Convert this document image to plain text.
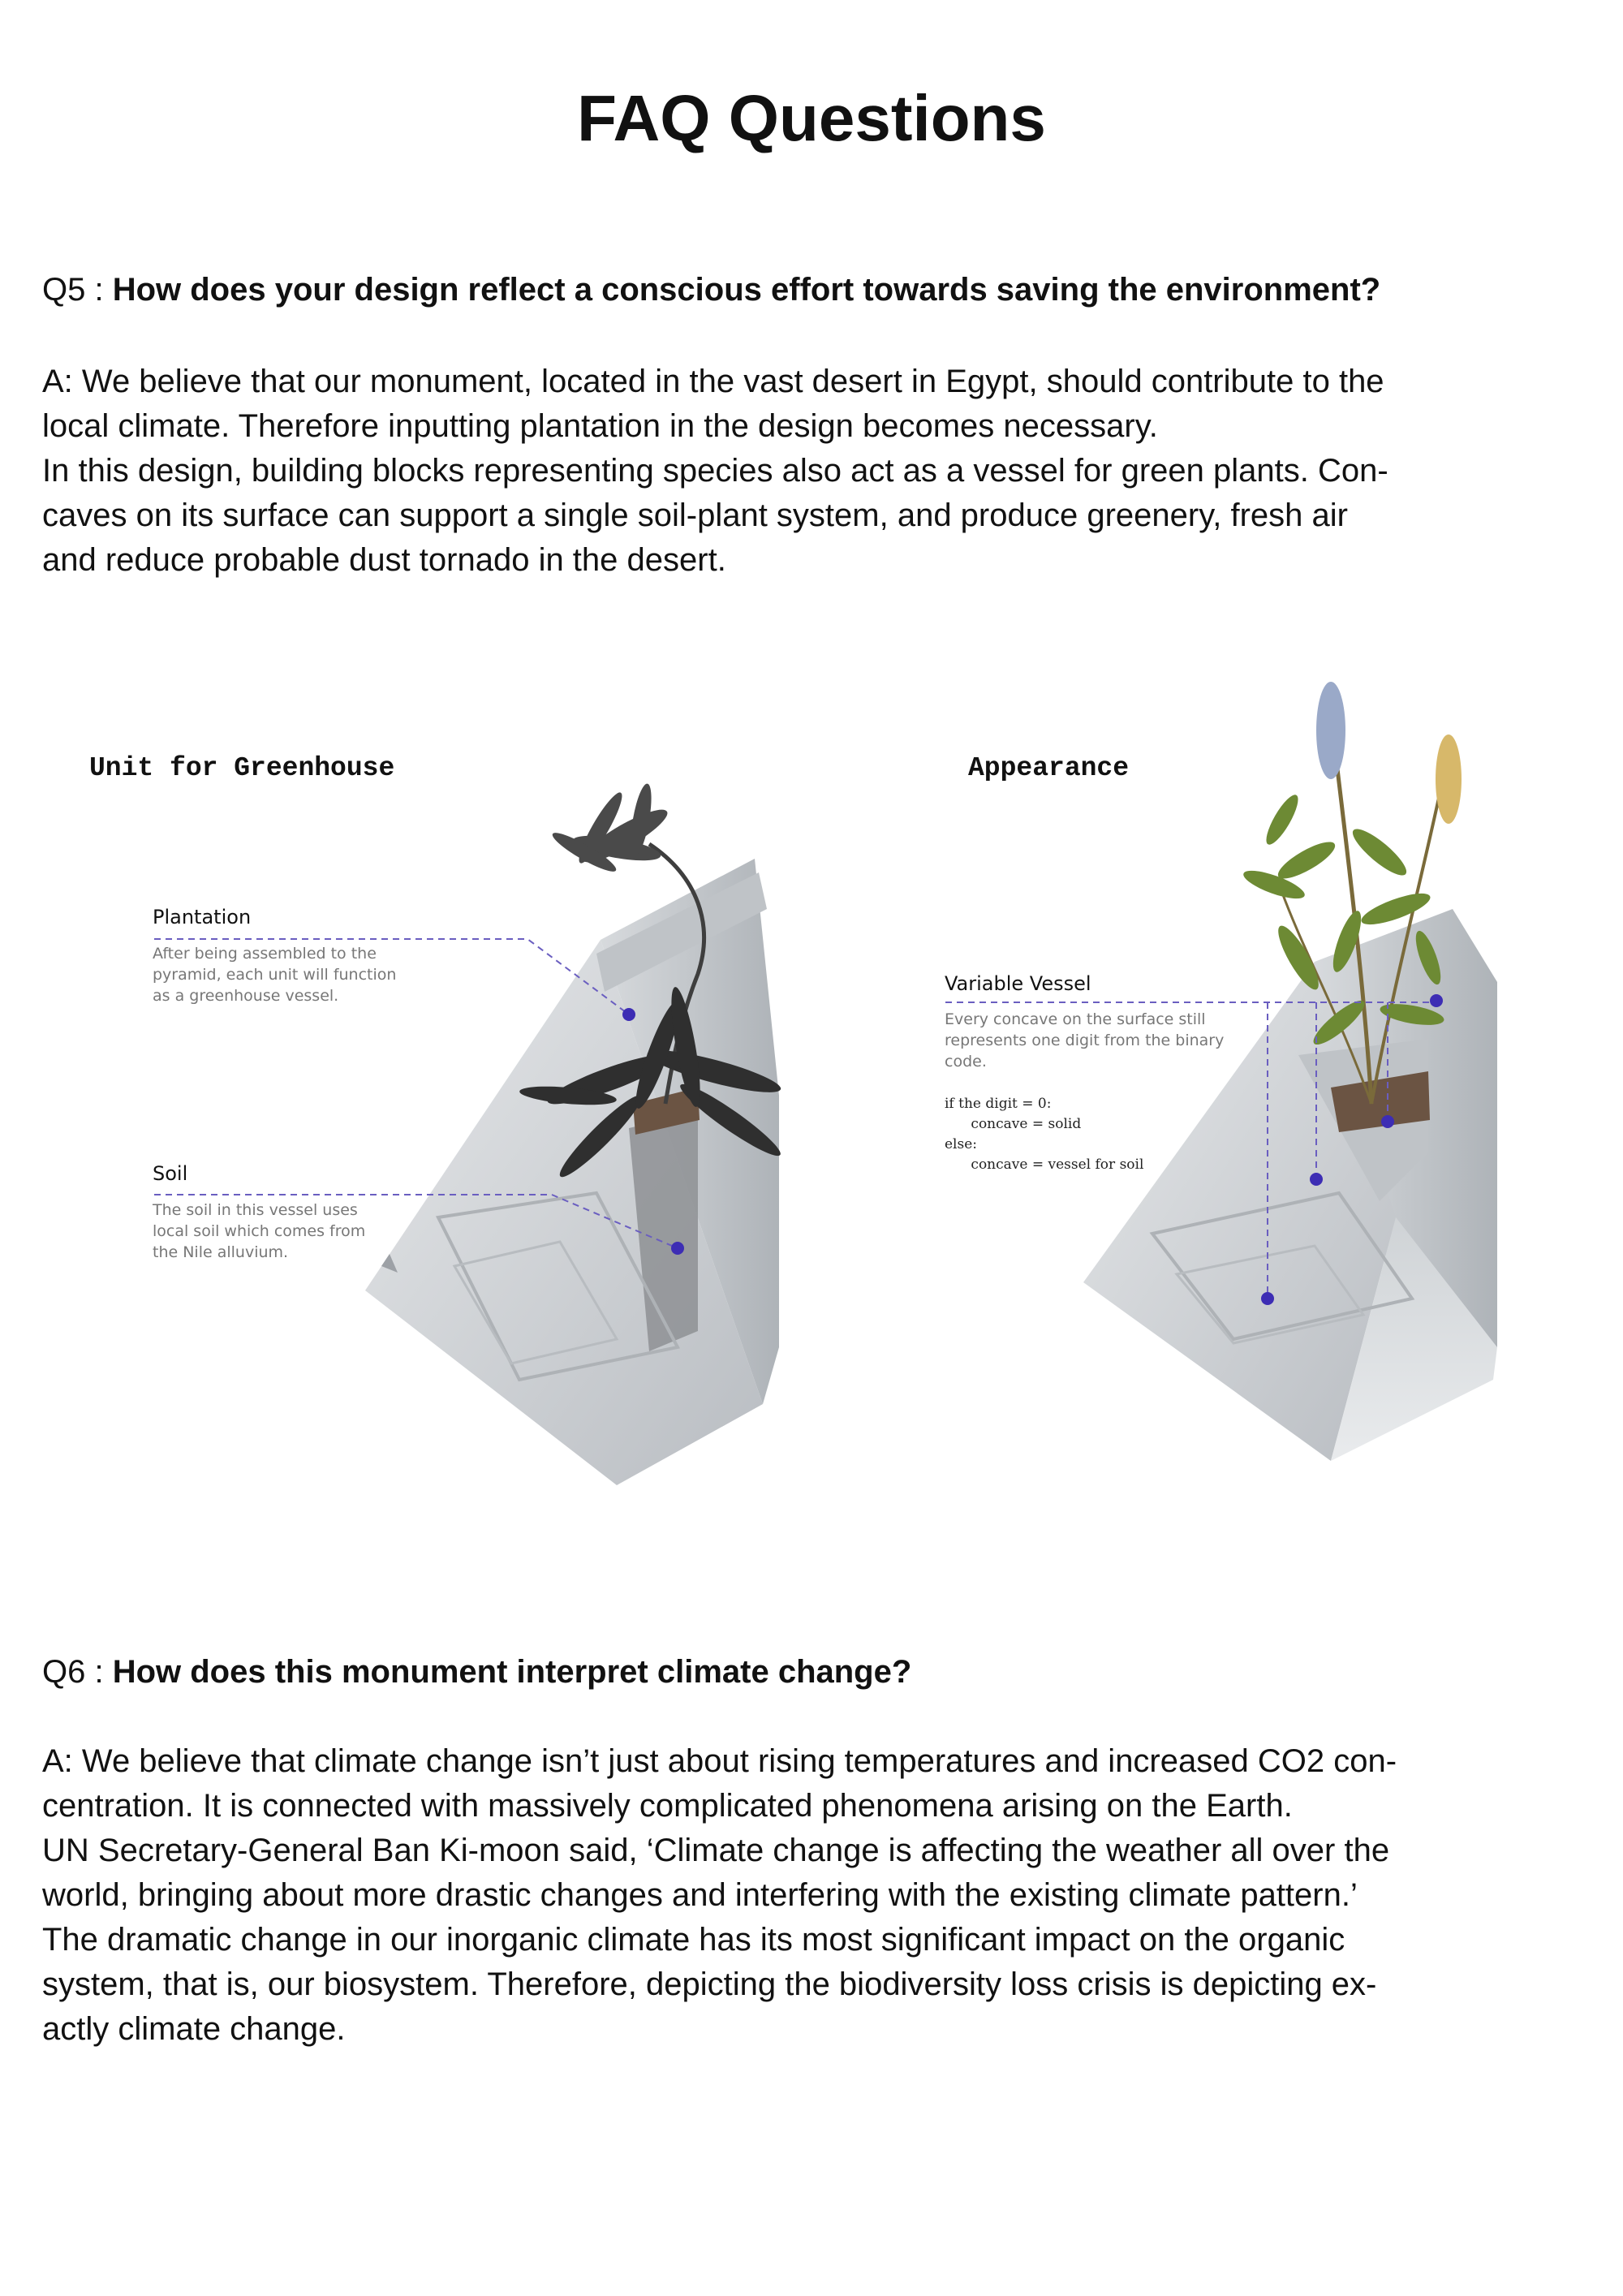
FAQ Questions
Q5 : How does your design reflect a conscious effort towards saving the environment?

A: We believe that our monument, located in the vast desert in Egypt, should contribute to the

local climate. Therefore inputting plantation in the design becomes necessary.

In this design, building blocks representing species also act as a vessel for green plants. Con-

caves on its surface can support a single soil-plant system, and produce greenery, fresh air

and reduce probable dust tornado in the desert.

Unit for Greenhouse
Plantation
After being assembled to the
pyramid, each unit will function
as a greenhouse vessel.
Soil
The soil in this vessel uses
local soil which comes from
the Nile alluvium.
Appearance
Variable Vessel
Every concave on the surface still
represents one digit from the binary
code.
if the digit = 0:
concave = solid
else:
concave = vessel for soil
Q6 : How does this monument interpret climate change?

A: We believe that climate change isn’t just about rising temperatures and increased CO2 con-

centration. It is connected with massively complicated phenomena arising on the Earth.

UN Secretary-General Ban Ki-moon said, ‘Climate change is affecting the weather all over the

world, bringing about more drastic changes and interfering with the existing climate pattern.’

The dramatic change in our inorganic climate has its most significant impact on the organic

system, that is, our biosystem. Therefore, depicting the biodiversity loss crisis is depicting ex-

actly climate change.
